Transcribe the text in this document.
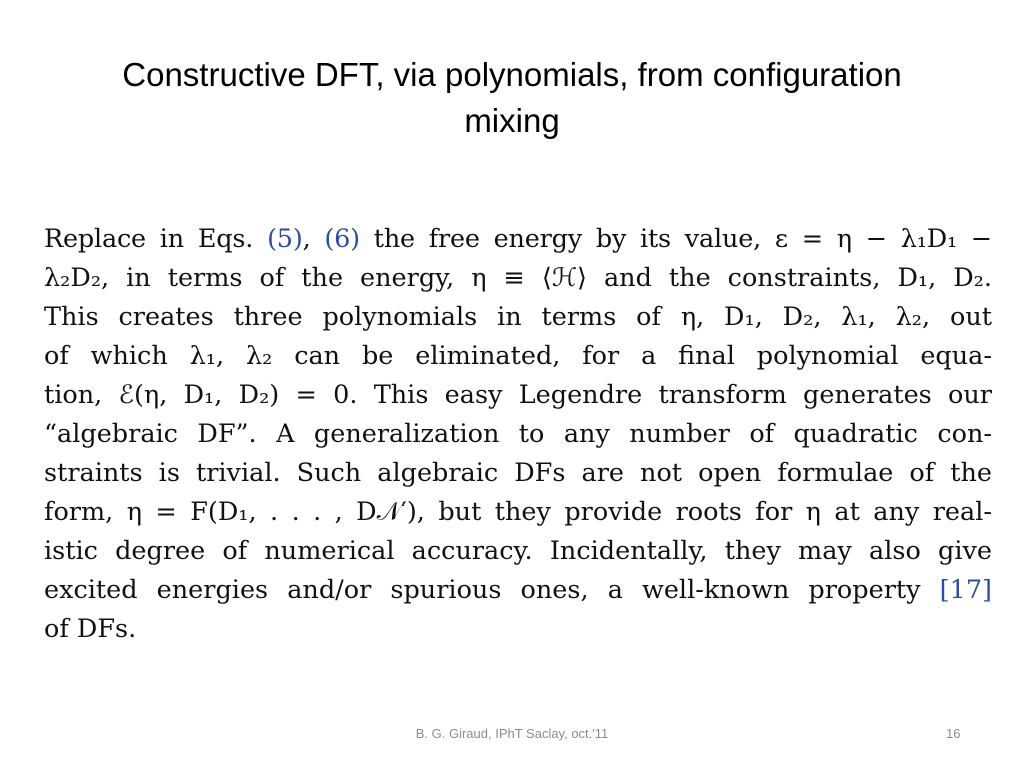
Constructive DFT, via polynomials, from configuration
mixing
Replace in Eqs. (5), (6) the free energy by its value, ε = η − λ₁D₁ −
λ₂D₂, in terms of the energy, η ≡ ⟨ℋ⟩ and the constraints, D₁, D₂.
This creates three polynomials in terms of η, D₁, D₂, λ₁, λ₂, out
of which λ₁, λ₂ can be eliminated, for a final polynomial equa-
tion, ℰ(η, D₁, D₂) = 0. This easy Legendre transform generates our
“algebraic DF”. A generalization to any number of quadratic con-
straints is trivial. Such algebraic DFs are not open formulae of the
form, η = F(D₁, . . . , D𝒩′), but they provide roots for η at any real-
istic degree of numerical accuracy. Incidentally, they may also give
excited energies and/or spurious ones, a well-known property [17]
of DFs.
B. G. Giraud, IPhT Saclay, oct.'11	16
